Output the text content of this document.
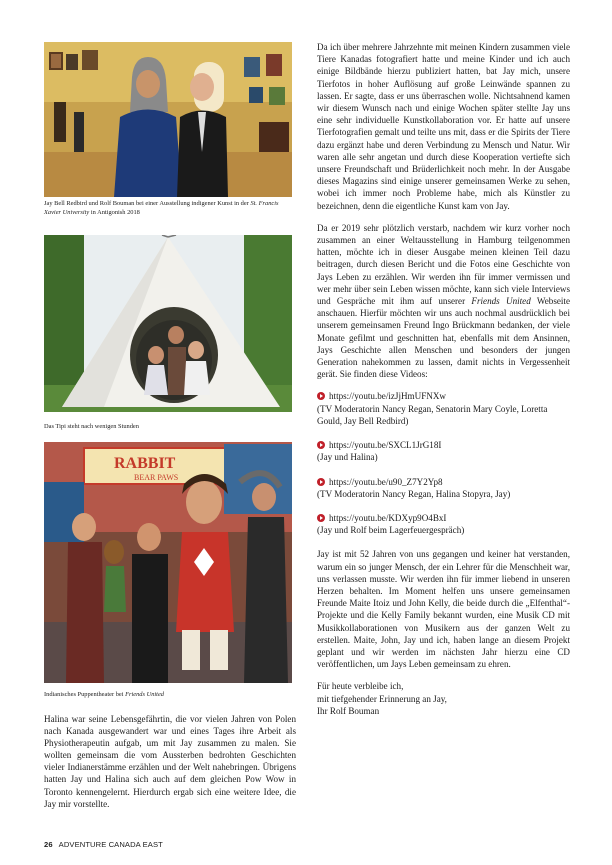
Jay Bell Redbird und Rolf Bouman bei einer Ausstellung indigener Kunst in der St. Francis Xavier University in Antigonish 2018
Das Tipi steht nach wenigen Stunden
RABBIT
BEAR PAWS
Indianisches Puppentheater bei Friends United

Halina war seine Lebensgefährtin, die vor vielen Jahren von Polen nach Kanada ausgewandert war und eines Tages ihre Arbeit als Physiotherapeutin aufgab, um mit Jay zusammen zu malen. Sie wollten gemeinsam die vom Aussterben bedrohten Geschichten vieler Indianerstämme erzählen und der Welt nahebringen. Übrigens hatten Jay und Halina sich auch auf dem gleichen Pow Wow in Toronto kennengelernt. Hierdurch ergab sich eine weitere Idee, die Jay mir vorstellte.

Da ich über mehrere Jahrzehnte mit meinen Kindern zusammen viele Tiere Kanadas fotografiert hatte und meine Kinder und ich auch einige Bildbände hierzu publiziert hatten, bat Jay mich, unsere Tierfotos in hoher Auflösung auf große Leinwände spannen zu lassen. Er sagte, dass er uns überraschen wolle. Nichtsahnend kamen wir diesem Wunsch nach und einige Wochen später stellte Jay uns eine sehr individuelle Kunstkollaboration vor. Er hatte auf unsere Tierfotografien gemalt und teilte uns mit, dass er die Spirits der Tiere dazu ergänzt habe und deren Verbindung zu Mensch und Natur. Wir waren alle sehr angetan und durch diese Kooperation vertiefte sich unsere Freundschaft und Brüderlichkeit noch mehr. In der Ausgabe dieses Magazins sind einige unserer gemeinsamen Werke zu sehen, wobei ich immer noch Probleme habe, mich als Künstler zu bezeichnen, denn die eigentliche Kunst kam von Jay.

Da er 2019 sehr plötzlich verstarb, nachdem wir kurz vorher noch zusammen an einer Weltausstellung in Hamburg teilgenommen hatten, möchte ich in dieser Ausgabe meinen kleinen Teil dazu beitragen, durch diesen Bericht und die Fotos eine Geschichte von Jays Leben zu erzählen. Wir werden ihn für immer vermissen und wer mehr über sein Leben wissen möchte, kann sich viele Interviews und Gespräche mit ihm auf unserer Friends United Webseite anschauen. Hierfür möchten wir uns auch nochmal ausdrücklich bei unserem gemeinsamen Freund Ingo Brückmann bedanken, der viele Monate gefilmt und geschnitten hat, ebenfalls mit dem Ansinnen, Jays Geschichte allen Menschen und besonders der jungen Generation nahekommen zu lassen, damit nichts in Vergessenheit gerät. Sie finden diese Videos:

https://youtu.be/izJjHmUFNXw
(TV Moderatorin Nancy Regan, Senatorin Mary Coyle, Loretta Gould, Jay Bell Redbird)

https://youtu.be/SXCL1JrG18I
(Jay und Halina)

https://youtu.be/u90_Z7Y2Yp8
(TV Moderatorin Nancy Regan, Halina Stopyra, Jay)

https://youtu.be/KDXyp9O4BxI
(Jay und Rolf beim Lagerfeuergespräch)

Jay ist mit 52 Jahren von uns gegangen und keiner hat verstanden, warum ein so junger Mensch, der ein Lehrer für die Menschheit war, uns verlassen musste. Wir werden ihn für immer liebend in unseren Herzen behalten. Im Moment helfen uns unsere gemeinsamen Freunde Maite Itoiz und John Kelly, die beide durch die „Elfenthal“-Projekte und die Kelly Family bekannt wurden, eine Musik CD mit Musikkollaborationen von Musikern aus der ganzen Welt zu erstellen. Maite, John, Jay und ich, haben lange an diesem Projekt geplant und wir werden im nächsten Jahr hierzu eine CD veröffentlichen, um Jays Leben gemeinsam zu ehren.

Für heute verbleibe ich,

mit tiefgehender Erinnerung an Jay,

Ihr Rolf Bouman

26 ADVENTURE CANADA EAST
